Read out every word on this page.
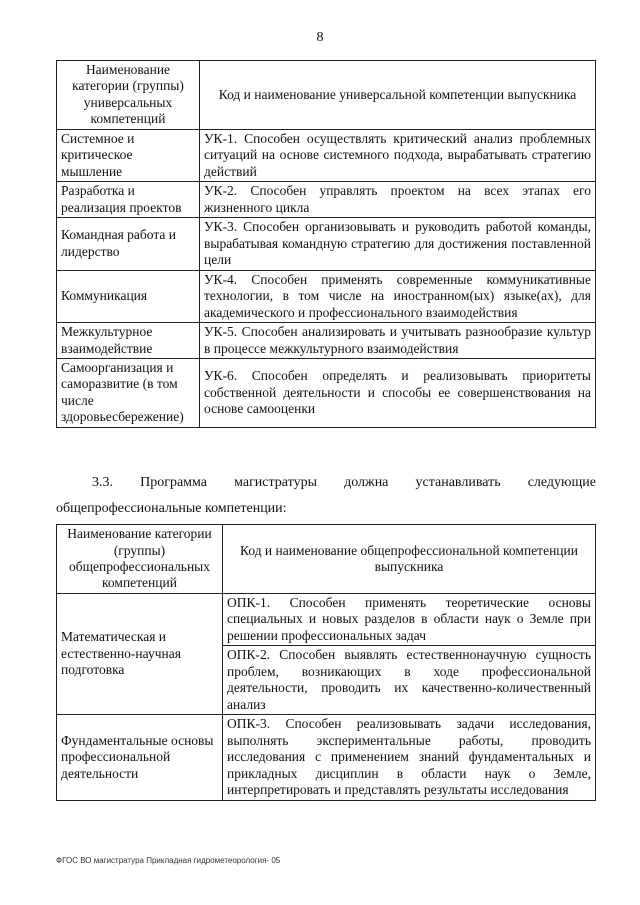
8
Наименование категории (группы) универсальных компетенций	Код и наименование универсальной компетенции выпускника
Системное и критическое мышление	УК-1. Способен осуществлять критический анализ проблемных ситуаций на основе системного подхода, вырабатывать стратегию действий
Разработка и реализация проектов	УК-2. Способен управлять проектом на всех этапах его жизненного цикла
Командная работа и лидерство	УК-3. Способен организовывать и руководить работой команды, вырабатывая командную стратегию для достижения поставленной цели
Коммуникация	УК-4. Способен применять современные коммуникативные технологии, в том числе на иностранном(ых) языке(ах), для академического и профессионального взаимодействия
Межкультурное взаимодействие	УК-5. Способен анализировать и учитывать разнообразие культур в процессе межкультурного взаимодействия
Самоорганизация и саморазвитие (в том числе здоровьесбережение)	УК-6. Способен определять и реализовывать приоритеты собственной деятельности и способы ее совершенствования на основе самооценки
3.3. Программа магистратуры должна устанавливать следующие
общепрофессиональные компетенции:
Наименование категории (группы) общепрофессиональных компетенций	Код и наименование общепрофессиональной компетенции выпускника
Математическая и естественно-научная подготовка	ОПК-1. Способен применять теоретические основы специальных и новых разделов в области наук о Земле при решении профессиональных задач
	ОПК-2. Способен выявлять естественнонаучную сущность проблем, возникающих в ходе профессиональной деятельности, проводить их качественно-количественный анализ
Фундаментальные основы профессиональной деятельности	ОПК-3. Способен реализовывать задачи исследования, выполнять экспериментальные работы, проводить исследования с применением знаний фундаментальных и прикладных дисциплин в области наук о Земле, интерпретировать и представлять результаты исследования
ФГОС ВО магистратура Прикладная гидрометеорология- 05
